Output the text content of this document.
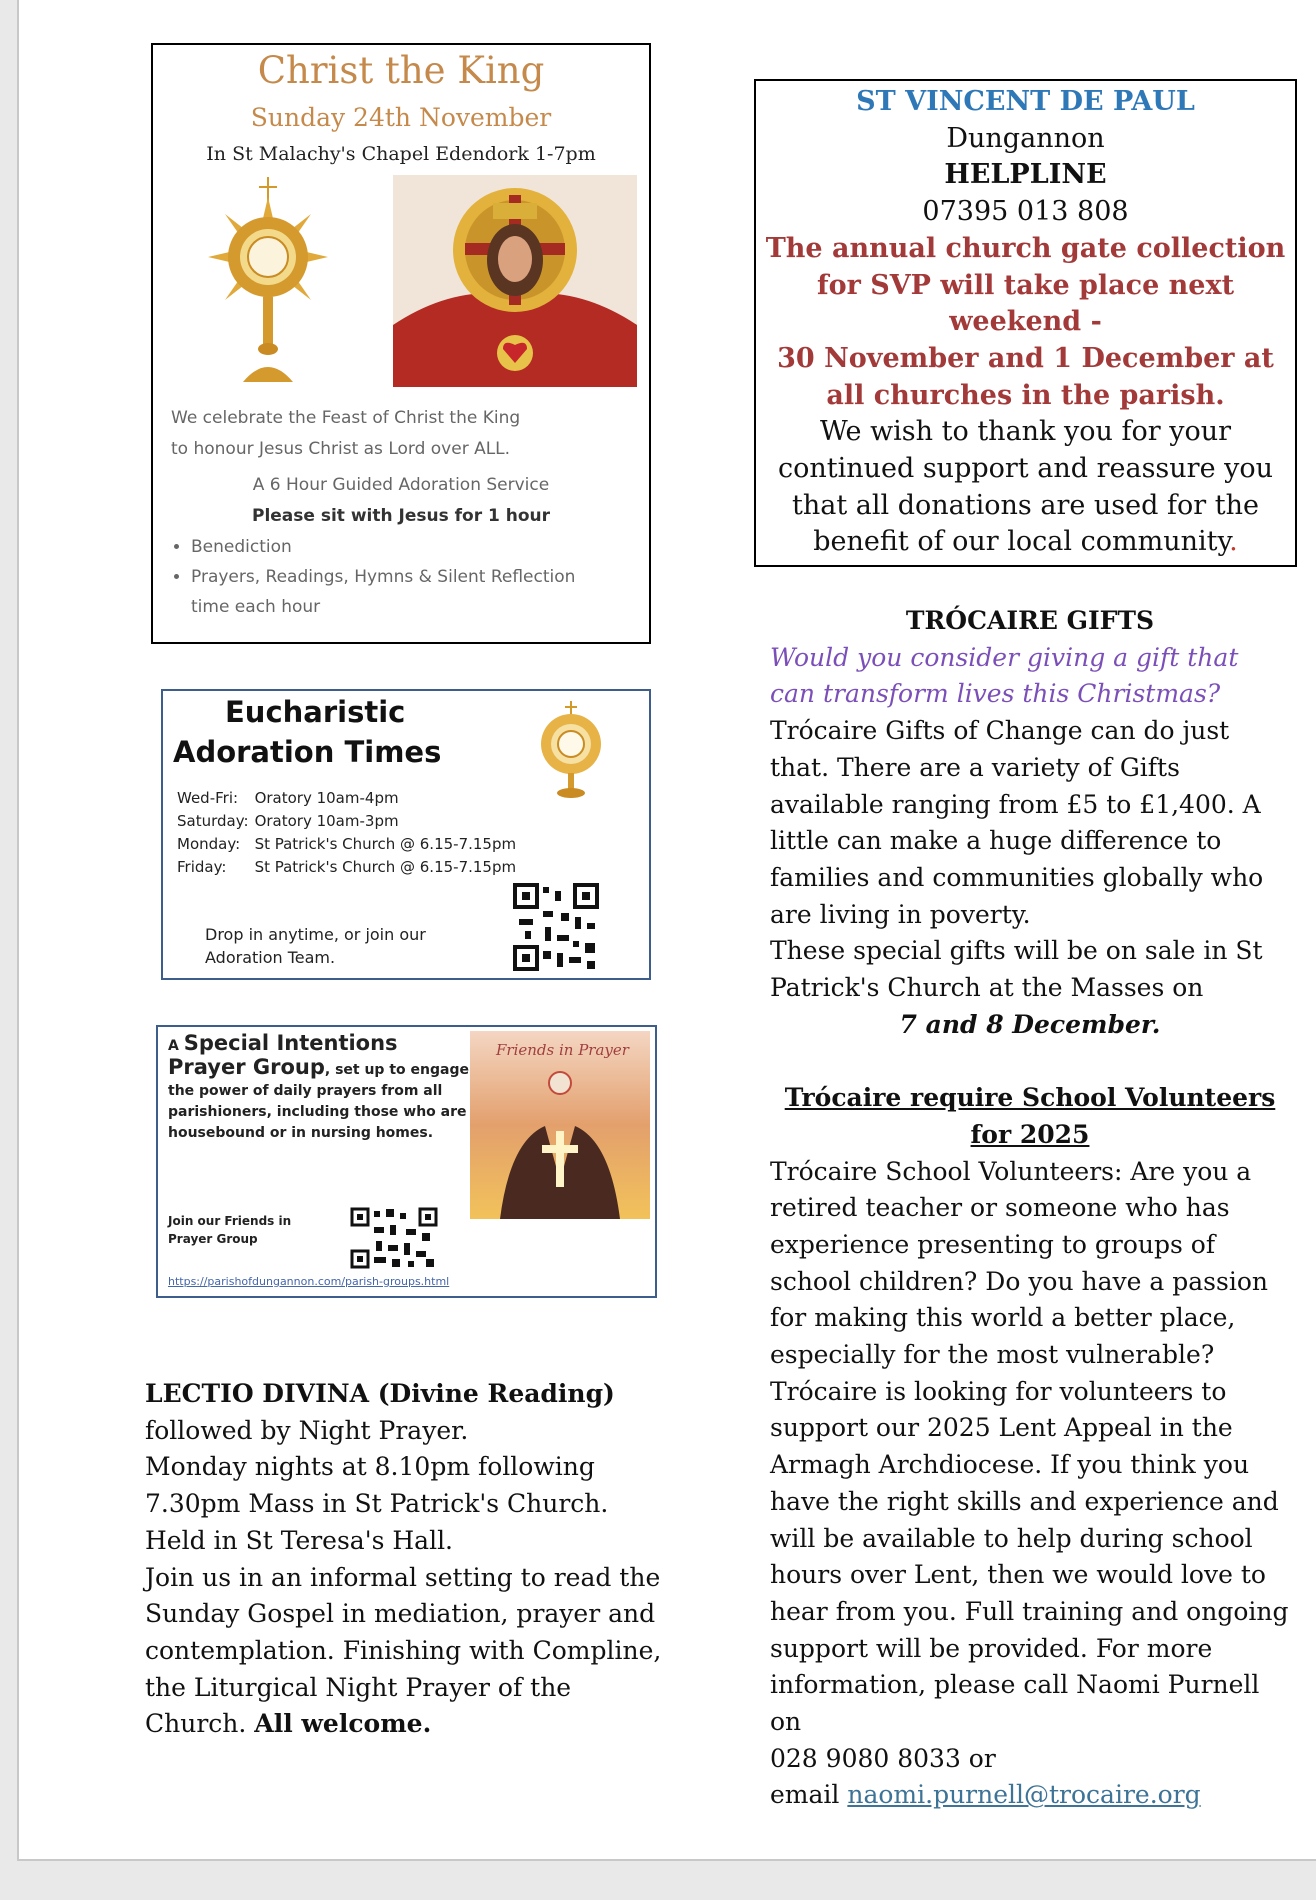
Christ the King
Sunday 24th November
In St Malachy's Chapel Edendork 1-7pm
We celebrate the Feast of Christ the King
to honour Jesus Christ as Lord over ALL.
A 6 Hour Guided Adoration Service
Please sit with Jesus for 1 hour
• Benediction
• Prayers, Readings, Hymns & Silent Reflection time each hour
Eucharistic
Adoration Times
Wed-Fri:	Oratory 10am-4pm
Saturday:	Oratory 10am-3pm
Monday:	St Patrick's Church @ 6.15-7.15pm
Friday:	St Patrick's Church @ 6.15-7.15pm
Drop in anytime, or join our Adoration Team.
A Special Intentions Prayer Group, set up to engage the power of daily prayers from all parishioners, including those who are housebound or in nursing homes.
Friends in Prayer
Join our Friends in Prayer Group
https://parishofdungannon.com/parish-groups.html
LECTIO DIVINA (Divine Reading)
followed by Night Prayer.
Monday nights at 8.10pm following 7.30pm Mass in St Patrick's Church. Held in St Teresa's Hall.
Join us in an informal setting to read the Sunday Gospel in mediation, prayer and contemplation. Finishing with Compline, the Liturgical Night Prayer of the Church. All welcome.
ST VINCENT DE PAUL
Dungannon
HELPLINE
07395 013 808
The annual church gate collection for SVP will take place next weekend -
30 November and 1 December at all churches in the parish.
We wish to thank you for your continued support and reassure you that all donations are used for the benefit of our local community.
TRÓCAIRE GIFTS
Would you consider giving a gift that can transform lives this Christmas?
Trócaire Gifts of Change can do just that. There are a variety of Gifts available ranging from £5 to £1,400. A little can make a huge difference to families and communities globally who are living in poverty.
These special gifts will be on sale in St Patrick's Church at the Masses on
7 and 8 December.
Trócaire require School Volunteers for 2025
Trócaire School Volunteers: Are you a retired teacher or someone who has experience presenting to groups of school children? Do you have a passion for making this world a better place, especially for the most vulnerable? Trócaire is looking for volunteers to support our 2025 Lent Appeal in the Armagh Archdiocese. If you think you have the right skills and experience and will be available to help during school hours over Lent, then we would love to hear from you. Full training and ongoing support will be provided. For more information, please call Naomi Purnell on
028 9080 8033 or
email naomi.purnell@trocaire.org
